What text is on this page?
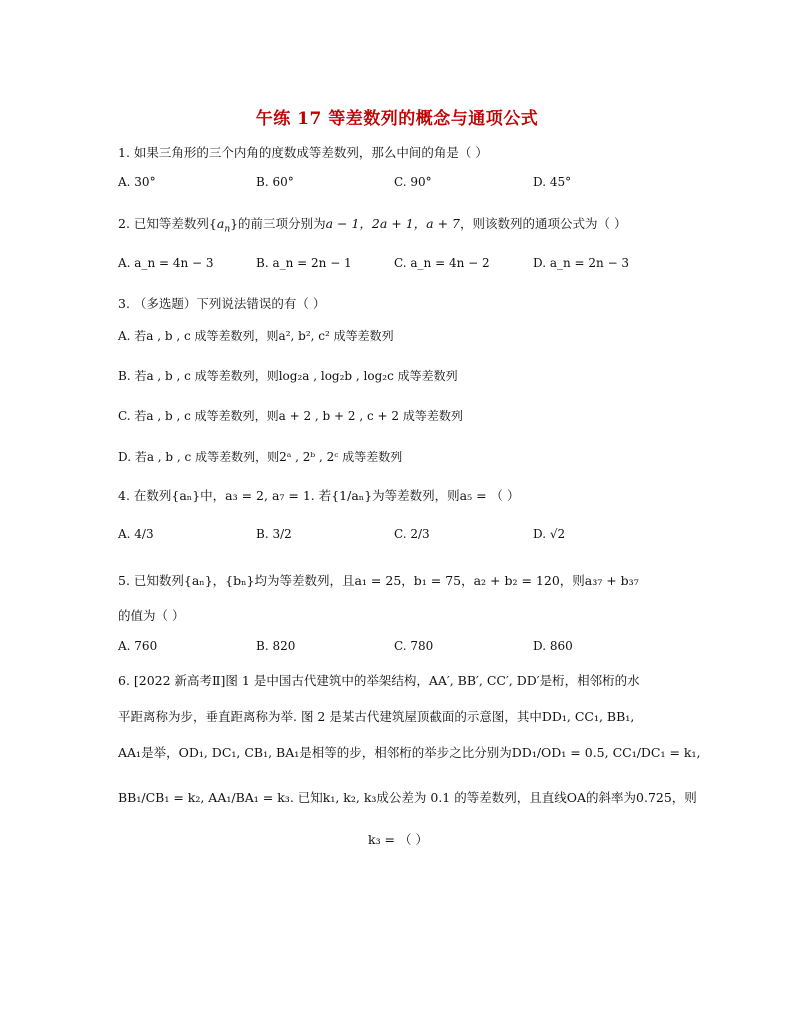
午练 17 等差数列的概念与通项公式
1. 如果三角形的三个内角的度数成等差数列，那么中间的角是（ ）
A. 30°	B. 60°	C. 90°	D. 45°
2. 已知等差数列$\{a_n\}$的前三项分别为a − 1，2a + 1，a + 7，则该数列的通项公式为（ ）
A. a_n = 4n − 3	B. a_n = 2n − 1	C. a_n = 4n − 2	D. a_n = 2n − 3
3. （多选题）下列说法错误的有（ ）
A. 若a , b , c 成等差数列，则a², b², c² 成等差数列
B. 若a , b , c 成等差数列，则log₂a , log₂b , log₂c 成等差数列
C. 若a , b , c 成等差数列，则a + 2 , b + 2 , c + 2 成等差数列
D. 若a , b , c 成等差数列，则2ᵃ , 2ᵇ , 2ᶜ 成等差数列
4. 在数列{aₙ}中，a₃ = 2, a₇ = 1. 若{1/aₙ}为等差数列，则a₅ = （ ）
A. 4/3	B. 3/2	C. 2/3	D. √2
5. 已知数列{aₙ}，{bₙ}均为等差数列，且a₁ = 25，b₁ = 75，a₂ + b₂ = 120，则a₃₇ + b₃₇
的值为（ ）
A. 760	B. 820	C. 780	D. 860
6. [2022 新高考Ⅱ]图 1 是中国古代建筑中的举架结构，AA′, BB′, CC′, DD′是桁，相邻桁的水
平距离称为步，垂直距离称为举. 图 2 是某古代建筑屋顶截面的示意图，其中DD₁, CC₁, BB₁,
AA₁是举，OD₁, DC₁, CB₁, BA₁是相等的步，相邻桁的举步之比分别为DD₁/OD₁ = 0.5, CC₁/DC₁ = k₁,
BB₁/CB₁ = k₂, AA₁/BA₁ = k₃. 已知k₁, k₂, k₃成公差为 0.1 的等差数列，且直线OA的斜率为0.725，则
k₃ = （ ）
